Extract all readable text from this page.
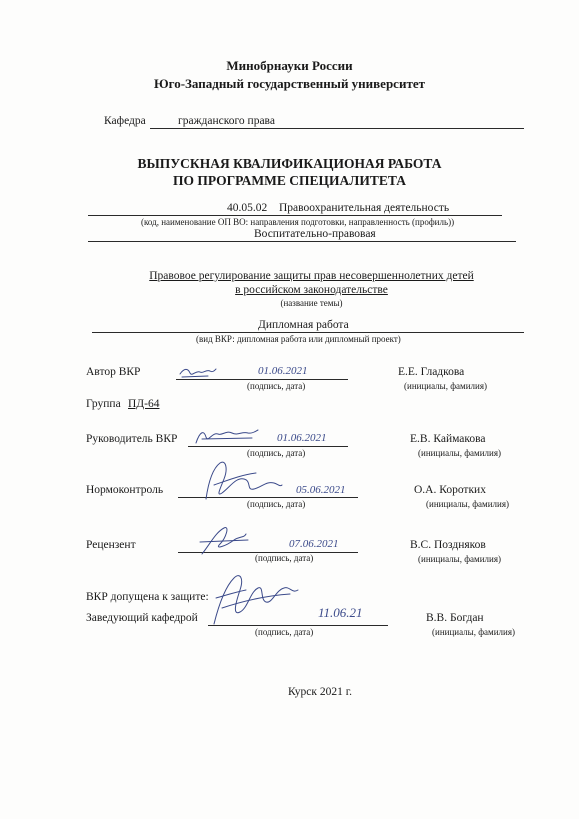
Минобрнауки России
Юго-Западный государственный университет
Кафедра	гражданского права
ВЫПУСКНАЯ КВАЛИФИКАЦИОНАЯ РАБОТА
ПО ПРОГРАММЕ СПЕЦИАЛИТЕТА
40.05.02 Правоохранительная деятельность
(код, наименование ОП ВО: направления подготовки, направленность (профиль))
Воспитательно-правовая
Правовое регулирование защиты прав несовершеннолетних детей
в российском законодательстве
(название темы)
Дипломная работа
(вид ВКР: дипломная работа или дипломный проект)
Автор ВКР	01.06.2021
(подпись, дата)
Е.Е. Гладкова
(инициалы, фамилия)
Группа ПД-64
Руководитель ВКР	01.06.2021
(подпись, дата)
Е.В. Каймакова
(инициалы, фамилия)
Нормоконтроль	05.06.2021
(подпись, дата)
О.А. Коротких
(инициалы, фамилия)
Рецензент	07.06.2021
(подпись, дата)
В.С. Поздняков
(инициалы, фамилия)
ВКР допущена к защите:
Заведующий кафедрой	11.06.21
(подпись, дата)
В.В. Богдан
(инициалы, фамилия)
Курск 2021 г.
